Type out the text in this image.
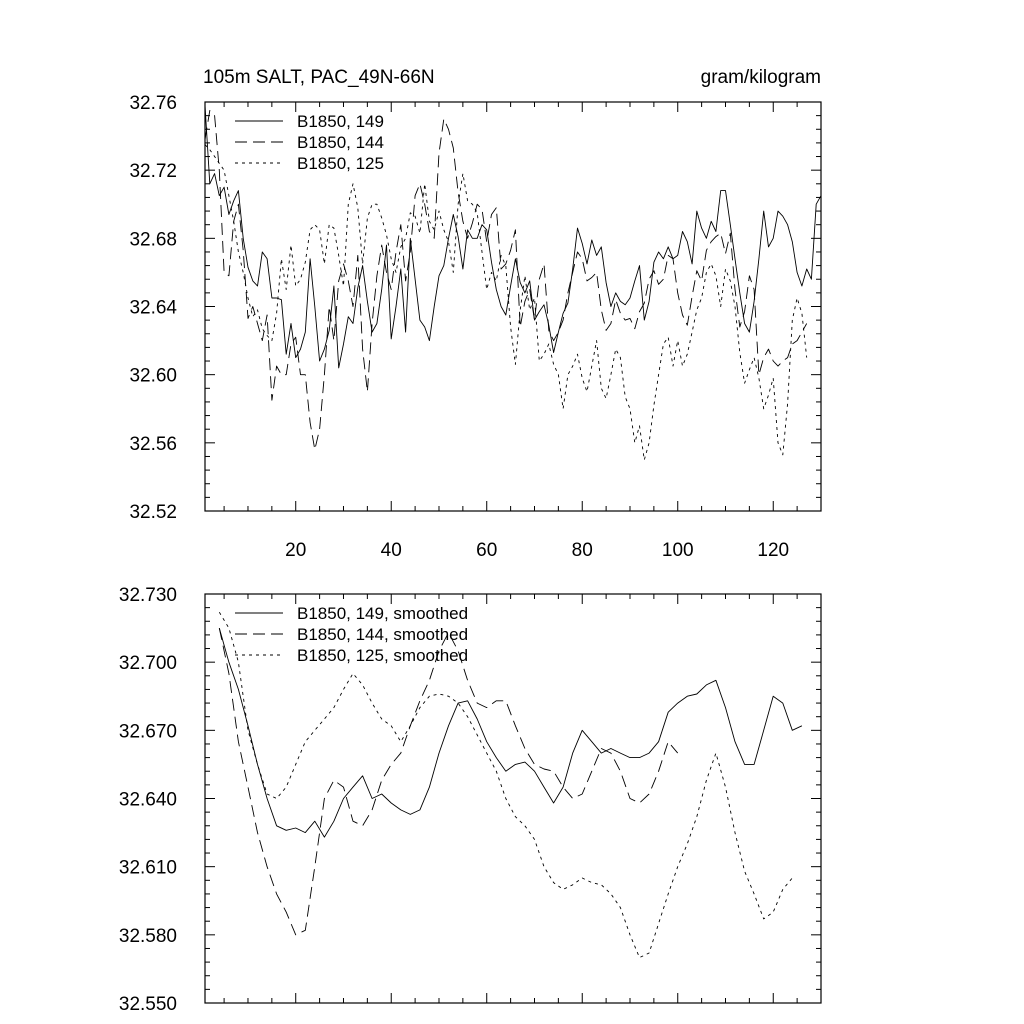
105m SALT, PAC_49N-66N	gram/kilogram
32.52
32.56
32.60
32.64
32.68
32.72
32.76
20	40	60	80	100	120
B1850, 149
B1850, 144
B1850, 125
32.550
32.580
32.610
32.640
32.670
32.700
32.730
B1850, 149, smoothed
B1850, 144, smoothed
B1850, 125, smoothed
